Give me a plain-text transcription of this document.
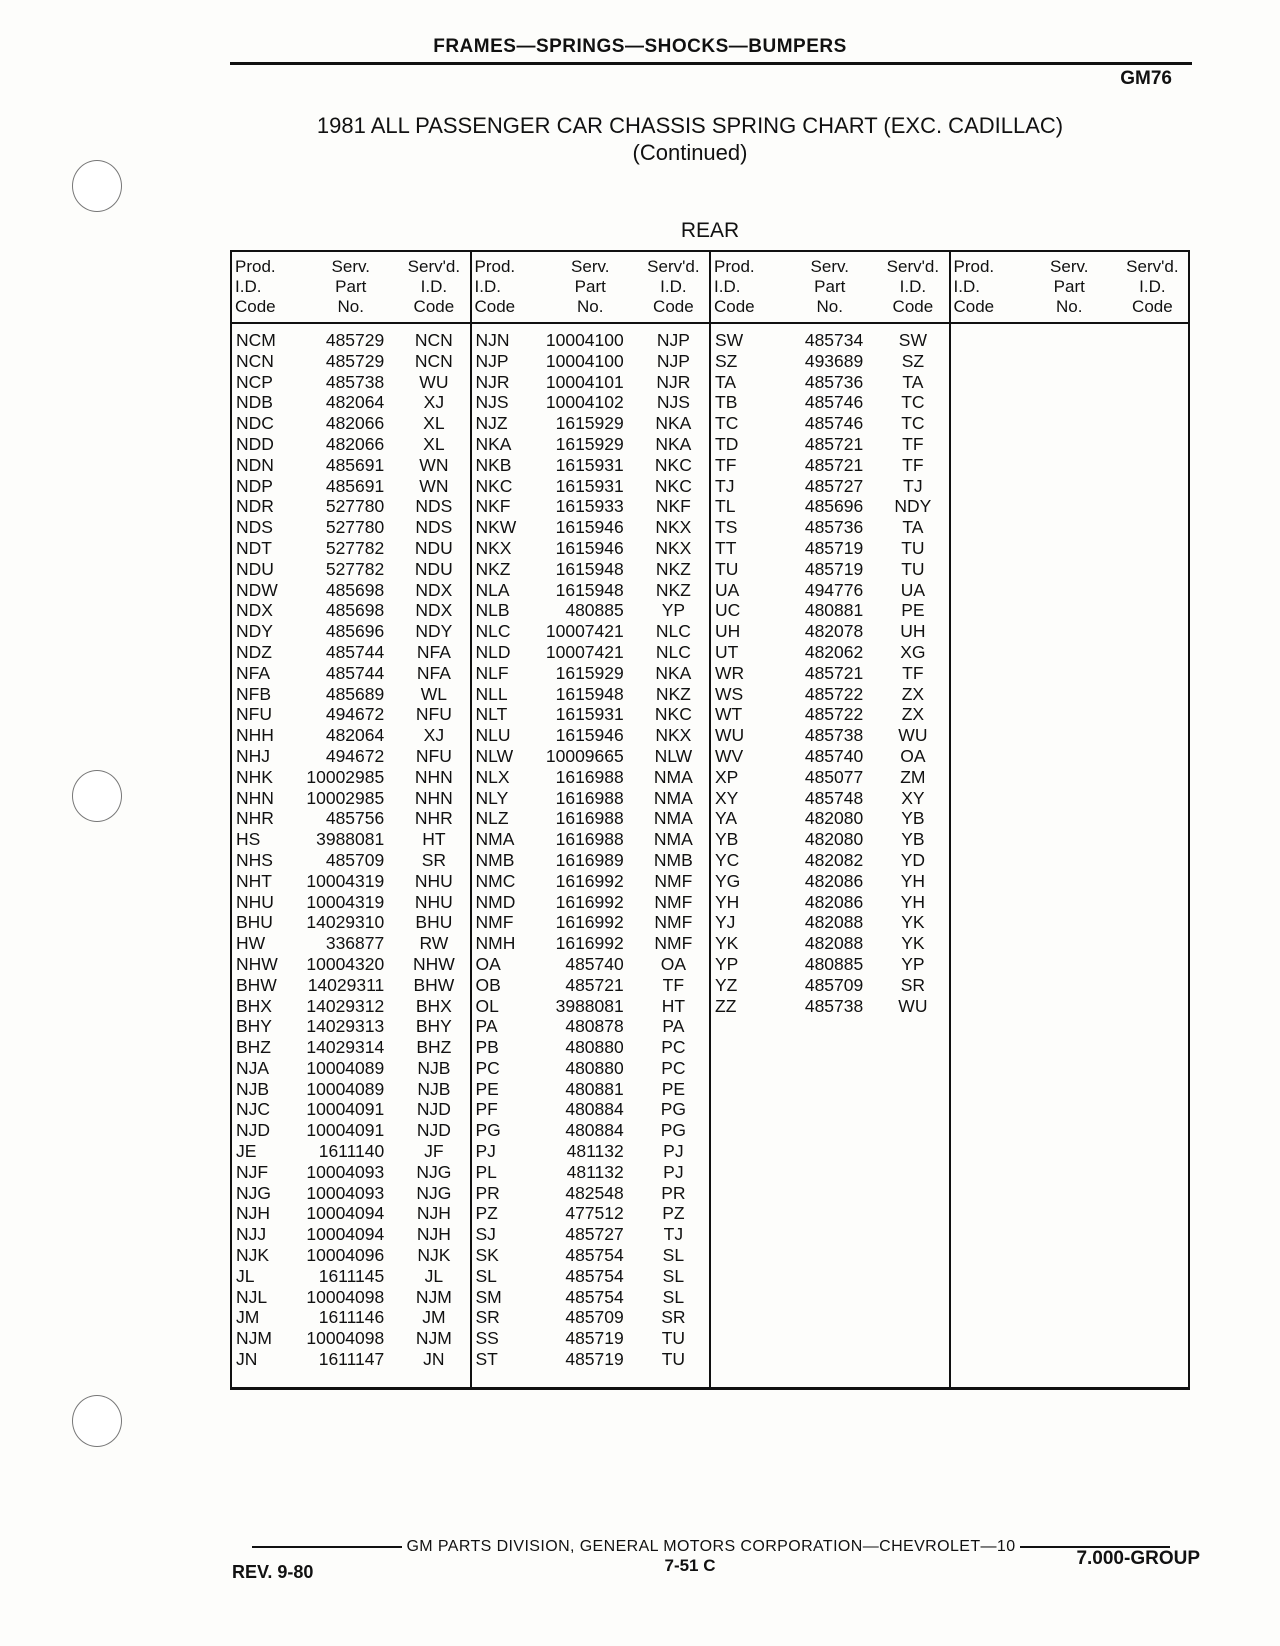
FRAMES—SPRINGS—SHOCKS—BUMPERS
GM76
1981 ALL PASSENGER CAR CHASSIS SPRING CHART (EXC. CADILLAC)
(Continued)
REAR
Prod.
I.D.
Code
Serv.
Part
No.
Serv'd.
I.D.
Code
NCM	485729	NCN
NCN	485729	NCN
NCP	485738	WU
NDB	482064	XJ
NDC	482066	XL
NDD	482066	XL
NDN	485691	WN
NDP	485691	WN
NDR	527780	NDS
NDS	527780	NDS
NDT	527782	NDU
NDU	527782	NDU
NDW	485698	NDX
NDX	485698	NDX
NDY	485696	NDY
NDZ	485744	NFA
NFA	485744	NFA
NFB	485689	WL
NFU	494672	NFU
NHH	482064	XJ
NHJ	494672	NFU
NHK	10002985	NHN
NHN	10002985	NHN
NHR	485756	NHR
HS	3988081	HT
NHS	485709	SR
NHT	10004319	NHU
NHU	10004319	NHU
BHU	14029310	BHU
HW	336877	RW
NHW	10004320	NHW
BHW	14029311	BHW
BHX	14029312	BHX
BHY	14029313	BHY
BHZ	14029314	BHZ
NJA	10004089	NJB
NJB	10004089	NJB
NJC	10004091	NJD
NJD	10004091	NJD
JE	1611140	JF
NJF	10004093	NJG
NJG	10004093	NJG
NJH	10004094	NJH
NJJ	10004094	NJH
NJK	10004096	NJK
JL	1611145	JL
NJL	10004098	NJM
JM	1611146	JM
NJM	10004098	NJM
JN	1611147	JN
Prod.
I.D.
Code
Serv.
Part
No.
Serv'd.
I.D.
Code
NJN	10004100	NJP
NJP	10004100	NJP
NJR	10004101	NJR
NJS	10004102	NJS
NJZ	1615929	NKA
NKA	1615929	NKA
NKB	1615931	NKC
NKC	1615931	NKC
NKF	1615933	NKF
NKW	1615946	NKX
NKX	1615946	NKX
NKZ	1615948	NKZ
NLA	1615948	NKZ
NLB	480885	YP
NLC	10007421	NLC
NLD	10007421	NLC
NLF	1615929	NKA
NLL	1615948	NKZ
NLT	1615931	NKC
NLU	1615946	NKX
NLW	10009665	NLW
NLX	1616988	NMA
NLY	1616988	NMA
NLZ	1616988	NMA
NMA	1616988	NMA
NMB	1616989	NMB
NMC	1616992	NMF
NMD	1616992	NMF
NMF	1616992	NMF
NMH	1616992	NMF
OA	485740	OA
OB	485721	TF
OL	3988081	HT
PA	480878	PA
PB	480880	PC
PC	480880	PC
PE	480881	PE
PF	480884	PG
PG	480884	PG
PJ	481132	PJ
PL	481132	PJ
PR	482548	PR
PZ	477512	PZ
SJ	485727	TJ
SK	485754	SL
SL	485754	SL
SM	485754	SL
SR	485709	SR
SS	485719	TU
ST	485719	TU
Prod.
I.D.
Code
Serv.
Part
No.
Serv'd.
I.D.
Code
SW	485734	SW
SZ	493689	SZ
TA	485736	TA
TB	485746	TC
TC	485746	TC
TD	485721	TF
TF	485721	TF
TJ	485727	TJ
TL	485696	NDY
TS	485736	TA
TT	485719	TU
TU	485719	TU
UA	494776	UA
UC	480881	PE
UH	482078	UH
UT	482062	XG
WR	485721	TF
WS	485722	ZX
WT	485722	ZX
WU	485738	WU
WV	485740	OA
XP	485077	ZM
XY	485748	XY
YA	482080	YB
YB	482080	YB
YC	482082	YD
YG	482086	YH
YH	482086	YH
YJ	482088	YK
YK	482088	YK
YP	480885	YP
YZ	485709	SR
ZZ	485738	WU
Prod.
I.D.
Code
Serv.
Part
No.
Serv'd.
I.D.
Code
GM PARTS DIVISION, GENERAL MOTORS CORPORATION—CHEVROLET—10
REV. 9-80	7-51 C	7.000-GROUP
